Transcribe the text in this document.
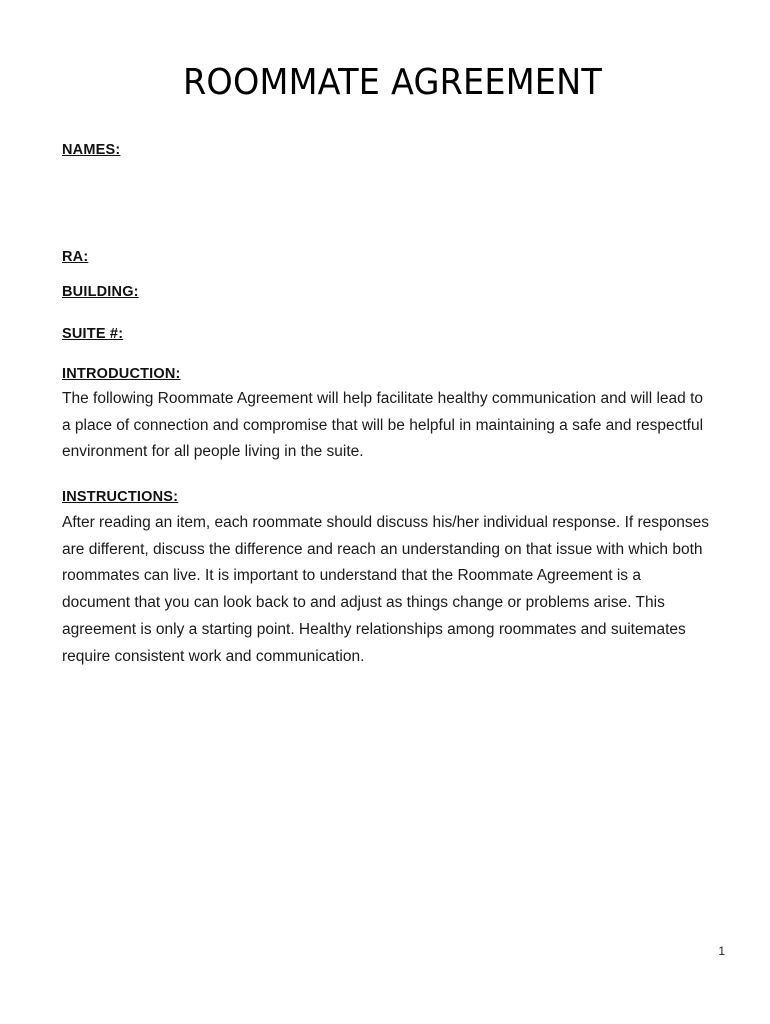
ROOMMATE AGREEMENT

NAMES:

RA:

BUILDING:

SUITE #:

INTRODUCTION:

The following Roommate Agreement will help facilitate healthy communication and will lead to a place of connection and compromise that will be helpful in maintaining a safe and respectful environment for all people living in the suite.

INSTRUCTIONS:

After reading an item, each roommate should discuss his/her individual response. If responses are different, discuss the difference and reach an understanding on that issue with which both roommates can live. It is important to understand that the Roommate Agreement is a document that you can look back to and adjust as things change or problems arise. This agreement is only a starting point. Healthy relationships among roommates and suitemates require consistent work and communication.

1
